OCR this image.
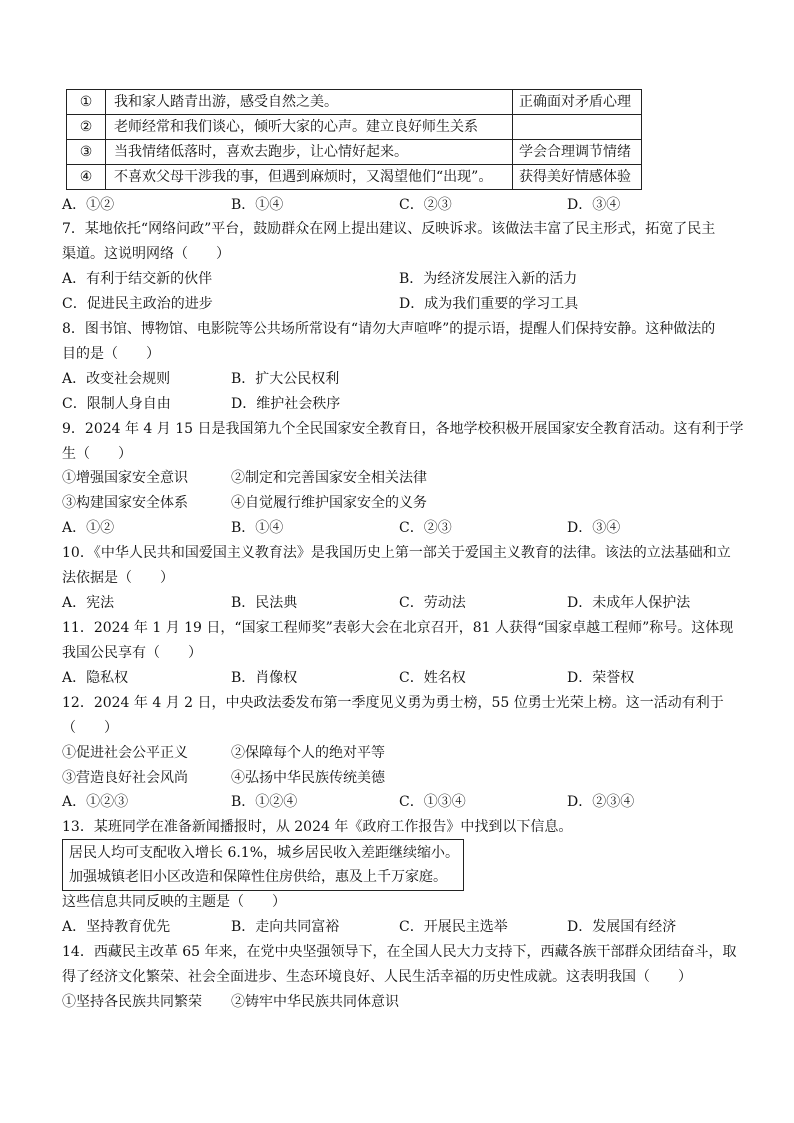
①	我和家人踏青出游，感受自然之美。	正确面对矛盾心理
②	老师经常和我们谈心，倾听大家的心声。建立良好师生关系	
③	当我情绪低落时，喜欢去跑步，让心情好起来。	学会合理调节情绪
④	不喜欢父母干涉我的事，但遇到麻烦时，又渴望他们“出现”。	获得美好情感体验
A．①②	B．①④	C．②③	D．③④
7．某地依托“网络问政”平台，鼓励群众在网上提出建议、反映诉求。该做法丰富了民主形式，拓宽了民主
渠道。这说明网络（　　）
A．有利于结交新的伙伴	B．为经济发展注入新的活力
C．促进民主政治的进步	D．成为我们重要的学习工具
8．图书馆、博物馆、电影院等公共场所常设有“请勿大声喧哗”的提示语，提醒人们保持安静。这种做法的
目的是（　　）
A．改变社会规则	B．扩大公民权利
C．限制人身自由	D．维护社会秩序
9．2024 年 4 月 15 日是我国第九个全民国家安全教育日，各地学校积极开展国家安全教育活动。这有利于学
生（　　）
①增强国家安全意识	②制定和完善国家安全相关法律
③构建国家安全体系	④自觉履行维护国家安全的义务
A．①②	B．①④	C．②③	D．③④
10．《中华人民共和国爱国主义教育法》是我国历史上第一部关于爱国主义教育的法律。该法的立法基础和立
法依据是（　　）
A．宪法	B．民法典	C．劳动法	D．未成年人保护法
11．2024 年 1 月 19 日，“国家工程师奖”表彰大会在北京召开，81 人获得“国家卓越工程师”称号。这体现
我国公民享有（　　）
A．隐私权	B．肖像权	C．姓名权	D．荣誉权
12．2024 年 4 月 2 日，中央政法委发布第一季度见义勇为勇士榜，55 位勇士光荣上榜。这一活动有利于
（　　）
①促进社会公平正义	②保障每个人的绝对平等
③营造良好社会风尚	④弘扬中华民族传统美德
A．①②③	B．①②④	C．①③④	D．②③④
13．某班同学在准备新闻播报时，从 2024 年《政府工作报告》中找到以下信息。
居民人均可支配收入增长 6.1%，城乡居民收入差距继续缩小。
加强城镇老旧小区改造和保障性住房供给，惠及上千万家庭。
这些信息共同反映的主题是（　　）
A．坚持教育优先	B．走向共同富裕	C．开展民主选举	D．发展国有经济
14．西藏民主改革 65 年来，在党中央坚强领导下，在全国人民大力支持下，西藏各族干部群众团结奋斗，取
得了经济文化繁荣、社会全面进步、生态环境良好、人民生活幸福的历史性成就。这表明我国（　　）
①坚持各民族共同繁荣 ②铸牢中华民族共同体意识
